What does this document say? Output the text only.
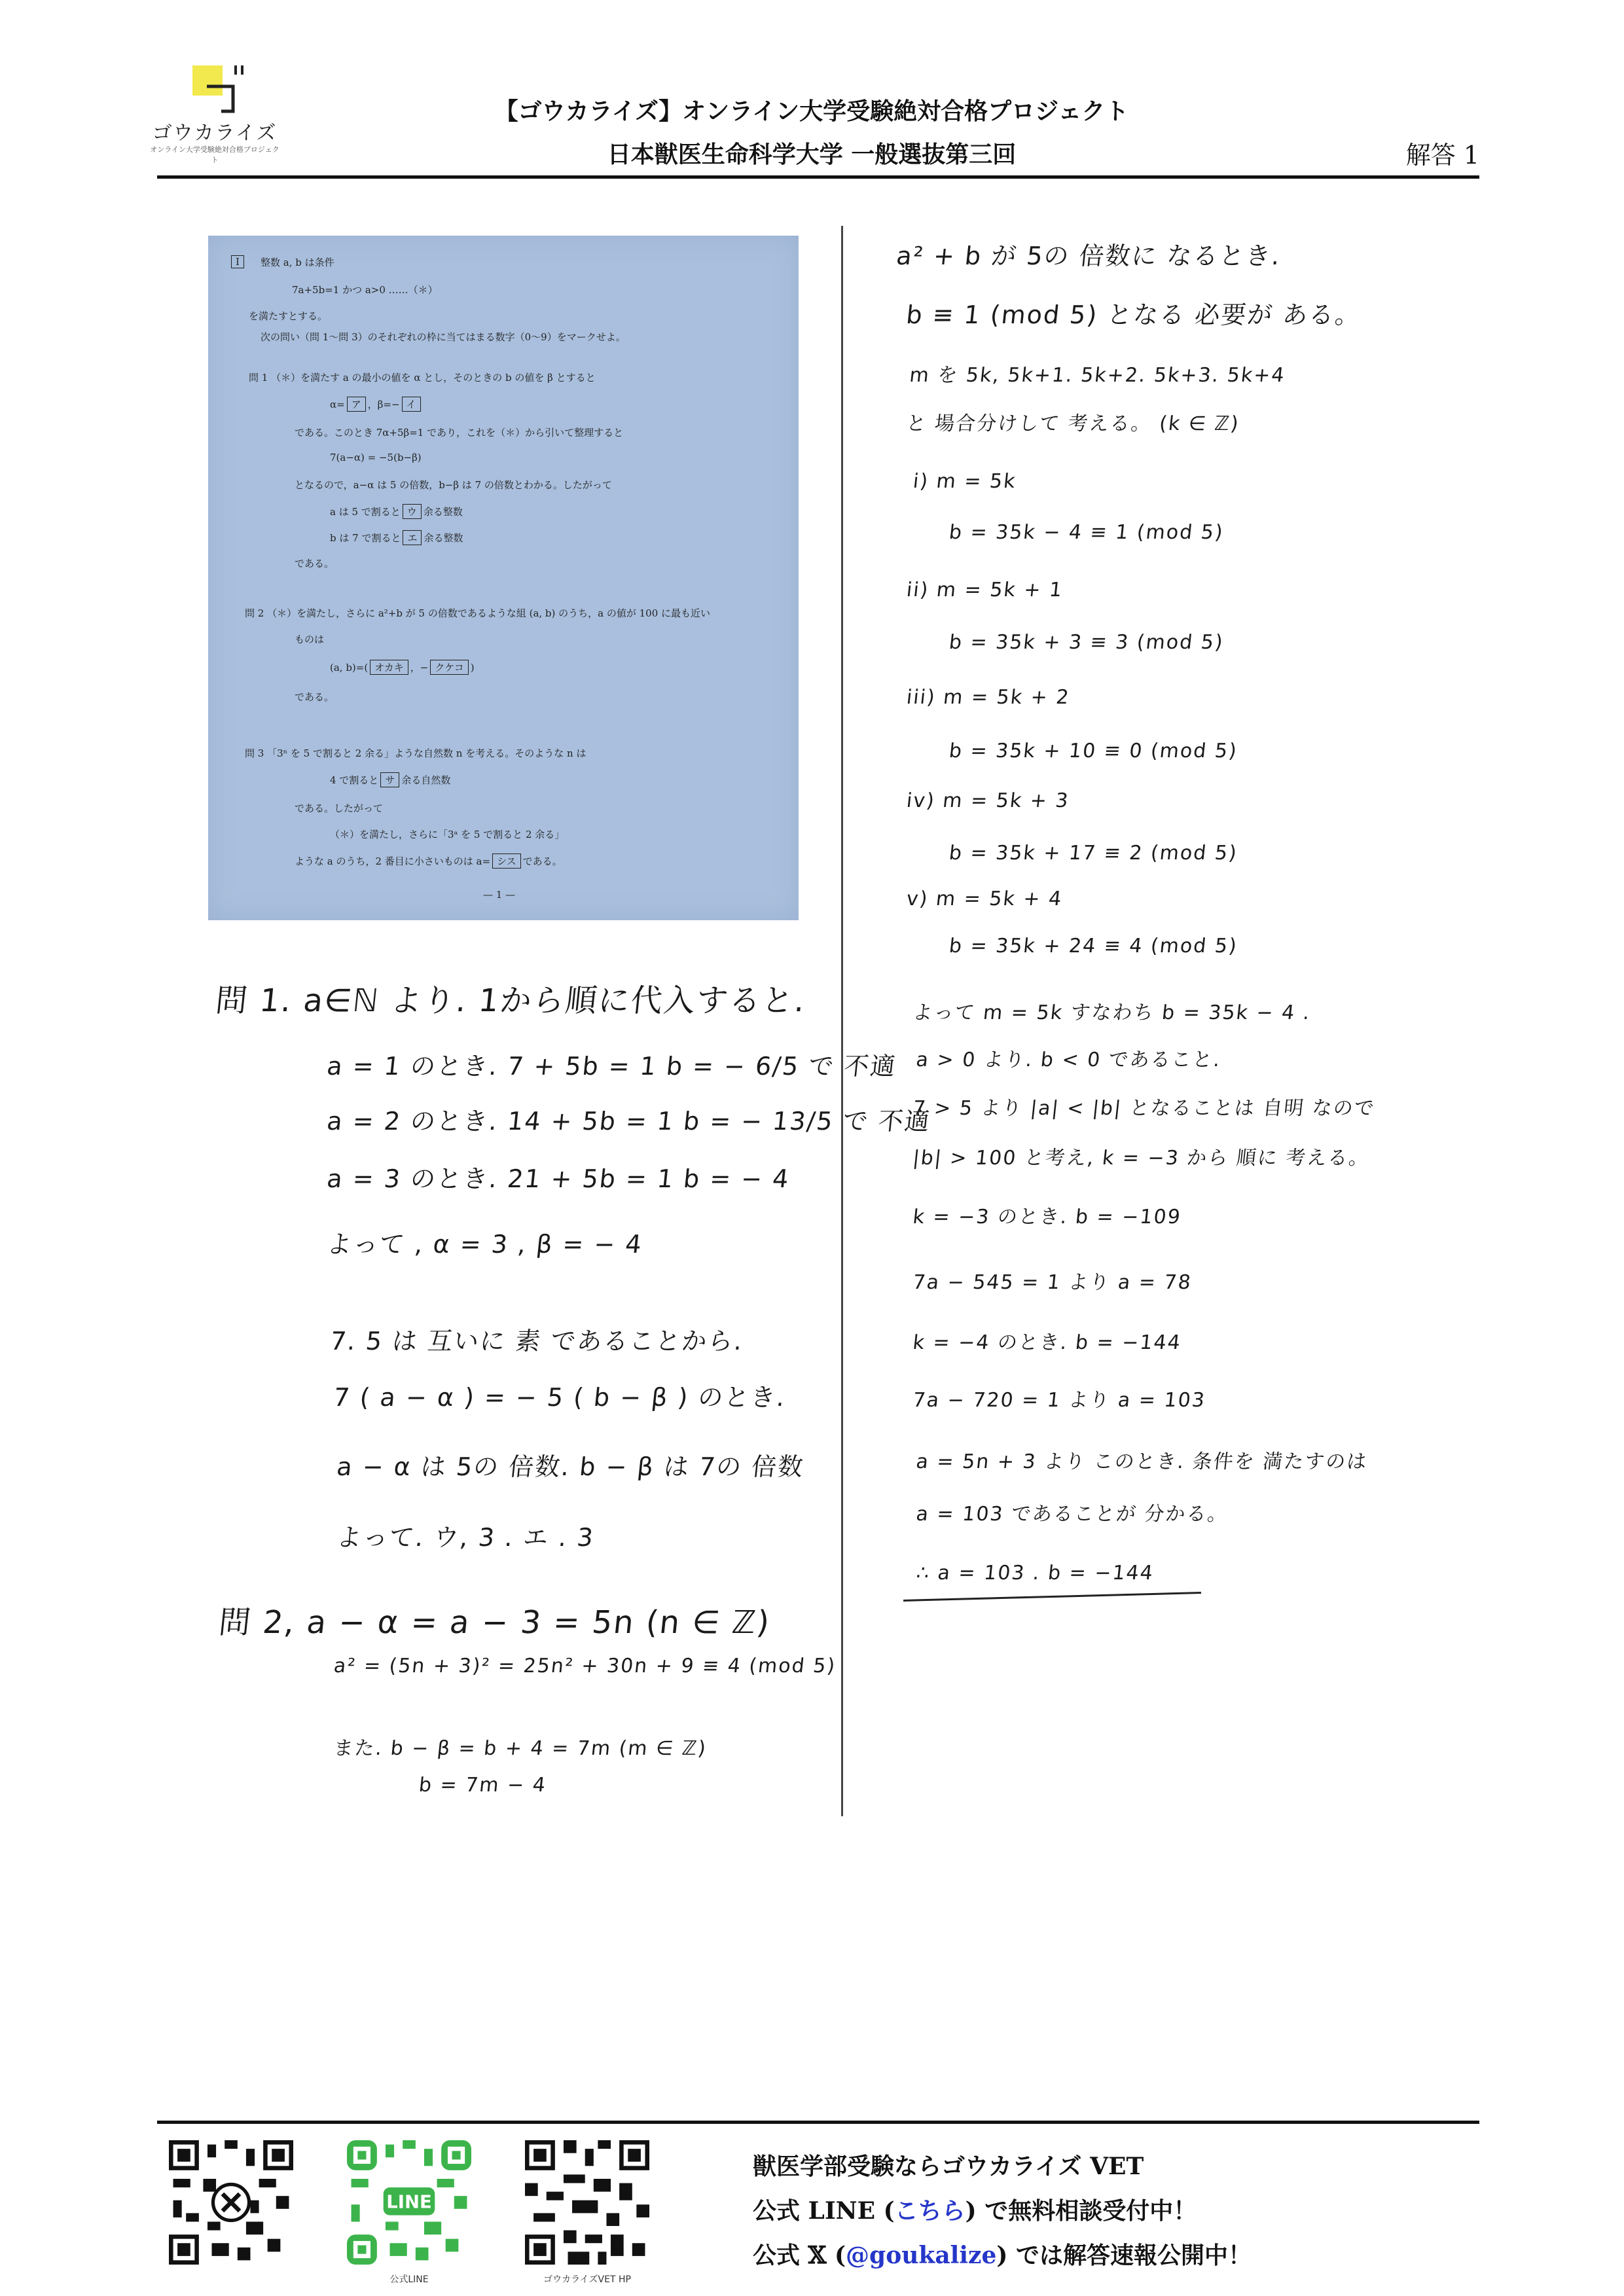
ゴウカライズ
オンライン大学受験絶対合格プロジェクト
【ゴウカライズ】オンライン大学受験絶対合格プロジェクト
日本獣医生命科学大学 一般選抜第三回	解答 1
I	整数 a, b は条件
7a+5b=1 かつ a>0 ……（＊）
を満たすとする。
次の問い（問 1〜問 3）のそれぞれの枠に当てはまる数字（0〜9）をマークせよ。
問 1 （＊）を満たす a の最小の値を α とし，そのときの b の値を β とすると
α= ア ，β=− イ
である。このとき 7α+5β=1 であり，これを（＊）から引いて整理すると
7(a−α) = −5(b−β)
となるので，a−α は 5 の倍数，b−β は 7 の倍数とわかる。したがって
a は 5 で割ると ウ 余る整数
b は 7 で割ると エ 余る整数
である。
問 2 （＊）を満たし，さらに a²+b が 5 の倍数であるような組 (a, b) のうち，a の値が 100 に最も近い
ものは
(a, b)=( オカキ ，− クケコ )
である。
問 3 「3ⁿ を 5 で割ると 2 余る」ような自然数 n を考える。そのような n は
4 で割ると サ 余る自然数
である。したがって
（＊）を満たし，さらに「3ᵃ を 5 で割ると 2 余る」
ような a のうち，2 番目に小さいものは a= シス である。
— 1 —
問 1. a∈ℕ より. 1から順に代入すると.
a = 1 のとき. 7 + 5b = 1 b = − 6/5 で 不適
a = 2 のとき. 14 + 5b = 1 b = − 13/5 で 不適
a = 3 のとき. 21 + 5b = 1 b = − 4
よって , α = 3 , β = − 4
7. 5 は 互いに 素 であることから.
7 ( a − α ) = − 5 ( b − β ) のとき.
a − α は 5の 倍数. b − β は 7の 倍数
よって. ウ, 3 . エ . 3
問 2, a − α = a − 3 = 5n (n ∈ ℤ)
a² = (5n + 3)² = 25n² + 30n + 9 ≡ 4 (mod 5)
また. b − β = b + 4 = 7m (m ∈ ℤ)
b = 7m − 4
a² + b が 5の 倍数に なるとき.
b ≡ 1 (mod 5) となる 必要が ある。
m を 5k, 5k+1. 5k+2. 5k+3. 5k+4
と 場合分けして 考える。 (k ∈ ℤ)
i) m = 5k
b = 35k − 4 ≡ 1 (mod 5)
ii) m = 5k + 1
b = 35k + 3 ≡ 3 (mod 5)
iii) m = 5k + 2
b = 35k + 10 ≡ 0 (mod 5)
iv) m = 5k + 3
b = 35k + 17 ≡ 2 (mod 5)
v) m = 5k + 4
b = 35k + 24 ≡ 4 (mod 5)
よって m = 5k すなわち b = 35k − 4 .
a > 0 より. b < 0 であること.
7 > 5 より |a| < |b| となることは 自明 なので
|b| > 100 と考え, k = −3 から 順に 考える。
k = −3 のとき. b = −109
7a − 545 = 1 より a = 78
k = −4 のとき. b = −144
7a − 720 = 1 より a = 103
a = 5n + 3 より このとき. 条件を 満たすのは
a = 103 であることが 分かる。
∴ a = 103 . b = −144
LINE
公式LINE	ゴウカライズVET HP
獣医学部受験ならゴウカライズ VET
公式 LINE (こちら) で無料相談受付中！
公式 𝕏 (@goukalize) では解答速報公開中！
